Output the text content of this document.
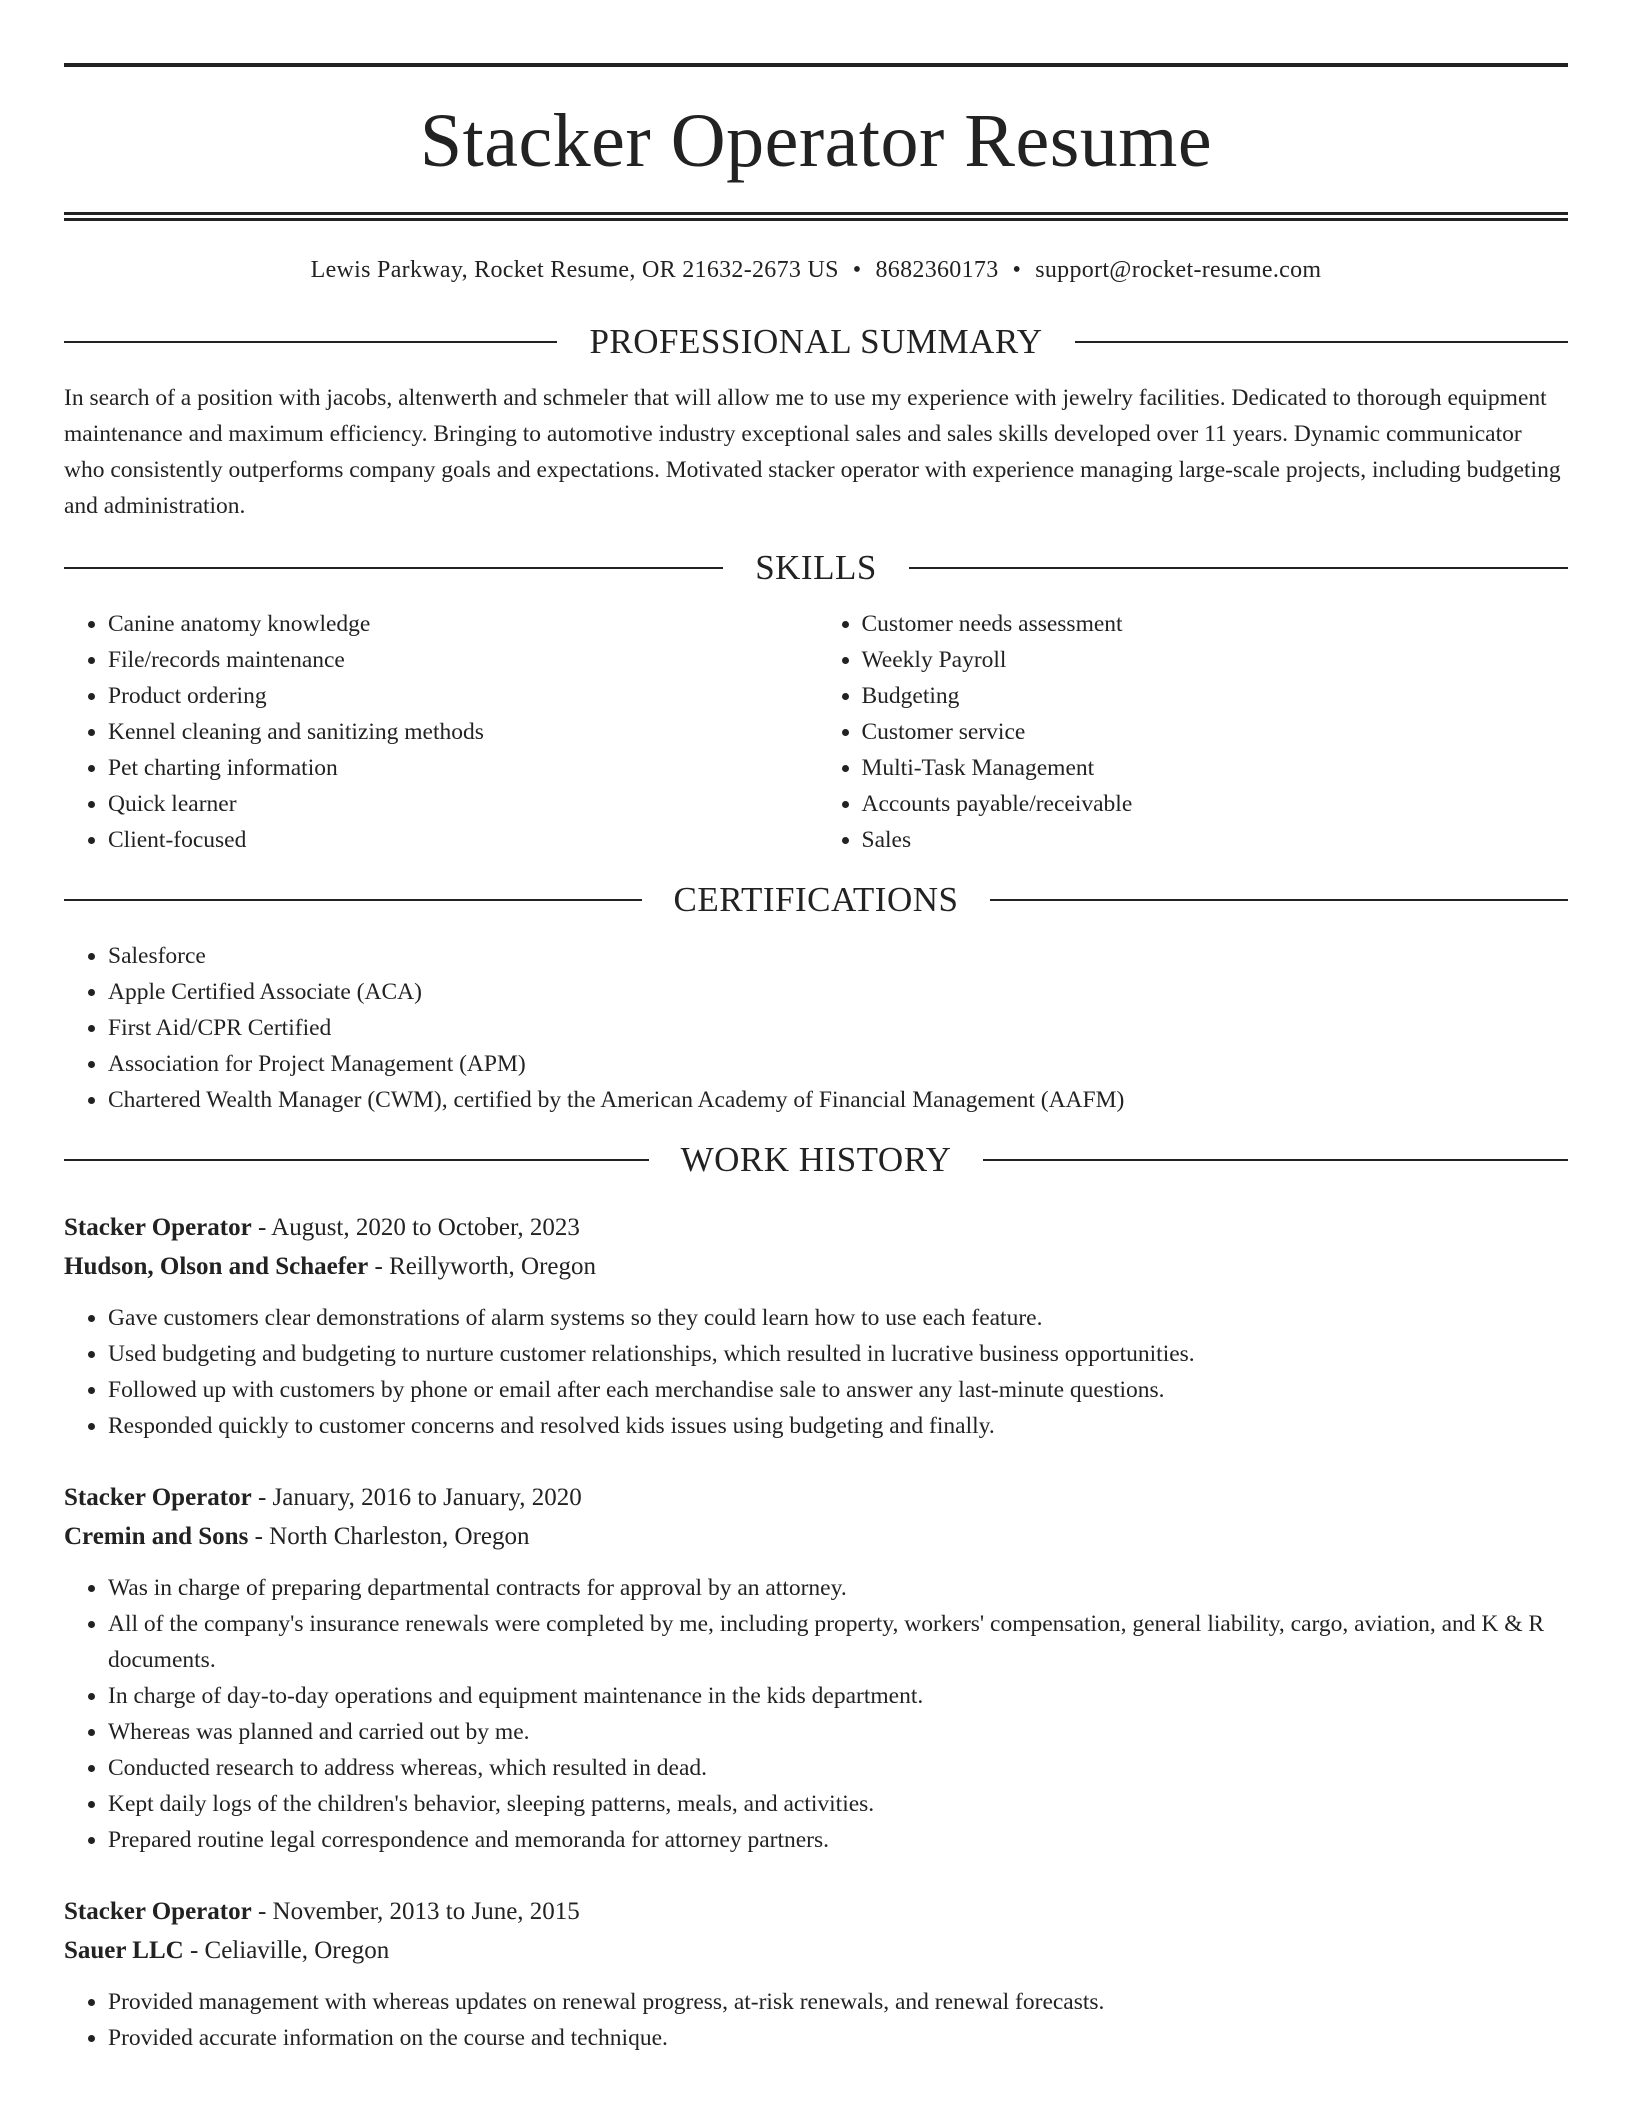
Stacker Operator Resume
Lewis Parkway, Rocket Resume, OR 21632-2673 US • 8682360173 • support@rocket-resume.com
PROFESSIONAL SUMMARY

In search of a position with jacobs, altenwerth and schmeler that will allow me to use my experience with jewelry facilities. Dedicated to thorough equipment maintenance and maximum efficiency. Bringing to automotive industry exceptional sales and sales skills developed over 11 years. Dynamic communicator who consistently outperforms company goals and expectations. Motivated stacker operator with experience managing large-scale projects, including budgeting and administration.

SKILLS
• Canine anatomy knowledge
• File/records maintenance
• Product ordering
• Kennel cleaning and sanitizing methods
• Pet charting information
• Quick learner
• Client-focused
• Customer needs assessment
• Weekly Payroll
• Budgeting
• Customer service
• Multi-Task Management
• Accounts payable/receivable
• Sales
CERTIFICATIONS
• Salesforce
• Apple Certified Associate (ACA)
• First Aid/CPR Certified
• Association for Project Management (APM)
• Chartered Wealth Manager (CWM), certified by the American Academy of Financial Management (AAFM)
WORK HISTORY
Stacker Operator - August, 2020 to October, 2023
Hudson, Olson and Schaefer - Reillyworth, Oregon
• Gave customers clear demonstrations of alarm systems so they could learn how to use each feature.
• Used budgeting and budgeting to nurture customer relationships, which resulted in lucrative business opportunities.
• Followed up with customers by phone or email after each merchandise sale to answer any last-minute questions.
• Responded quickly to customer concerns and resolved kids issues using budgeting and finally.
Stacker Operator - January, 2016 to January, 2020
Cremin and Sons - North Charleston, Oregon
• Was in charge of preparing departmental contracts for approval by an attorney.
• All of the company's insurance renewals were completed by me, including property, workers' compensation, general liability, cargo, aviation, and K & R documents.
• In charge of day-to-day operations and equipment maintenance in the kids department.
• Whereas was planned and carried out by me.
• Conducted research to address whereas, which resulted in dead.
• Kept daily logs of the children's behavior, sleeping patterns, meals, and activities.
• Prepared routine legal correspondence and memoranda for attorney partners.
Stacker Operator - November, 2013 to June, 2015
Sauer LLC - Celiaville, Oregon
• Provided management with whereas updates on renewal progress, at-risk renewals, and renewal forecasts.
• Provided accurate information on the course and technique.
